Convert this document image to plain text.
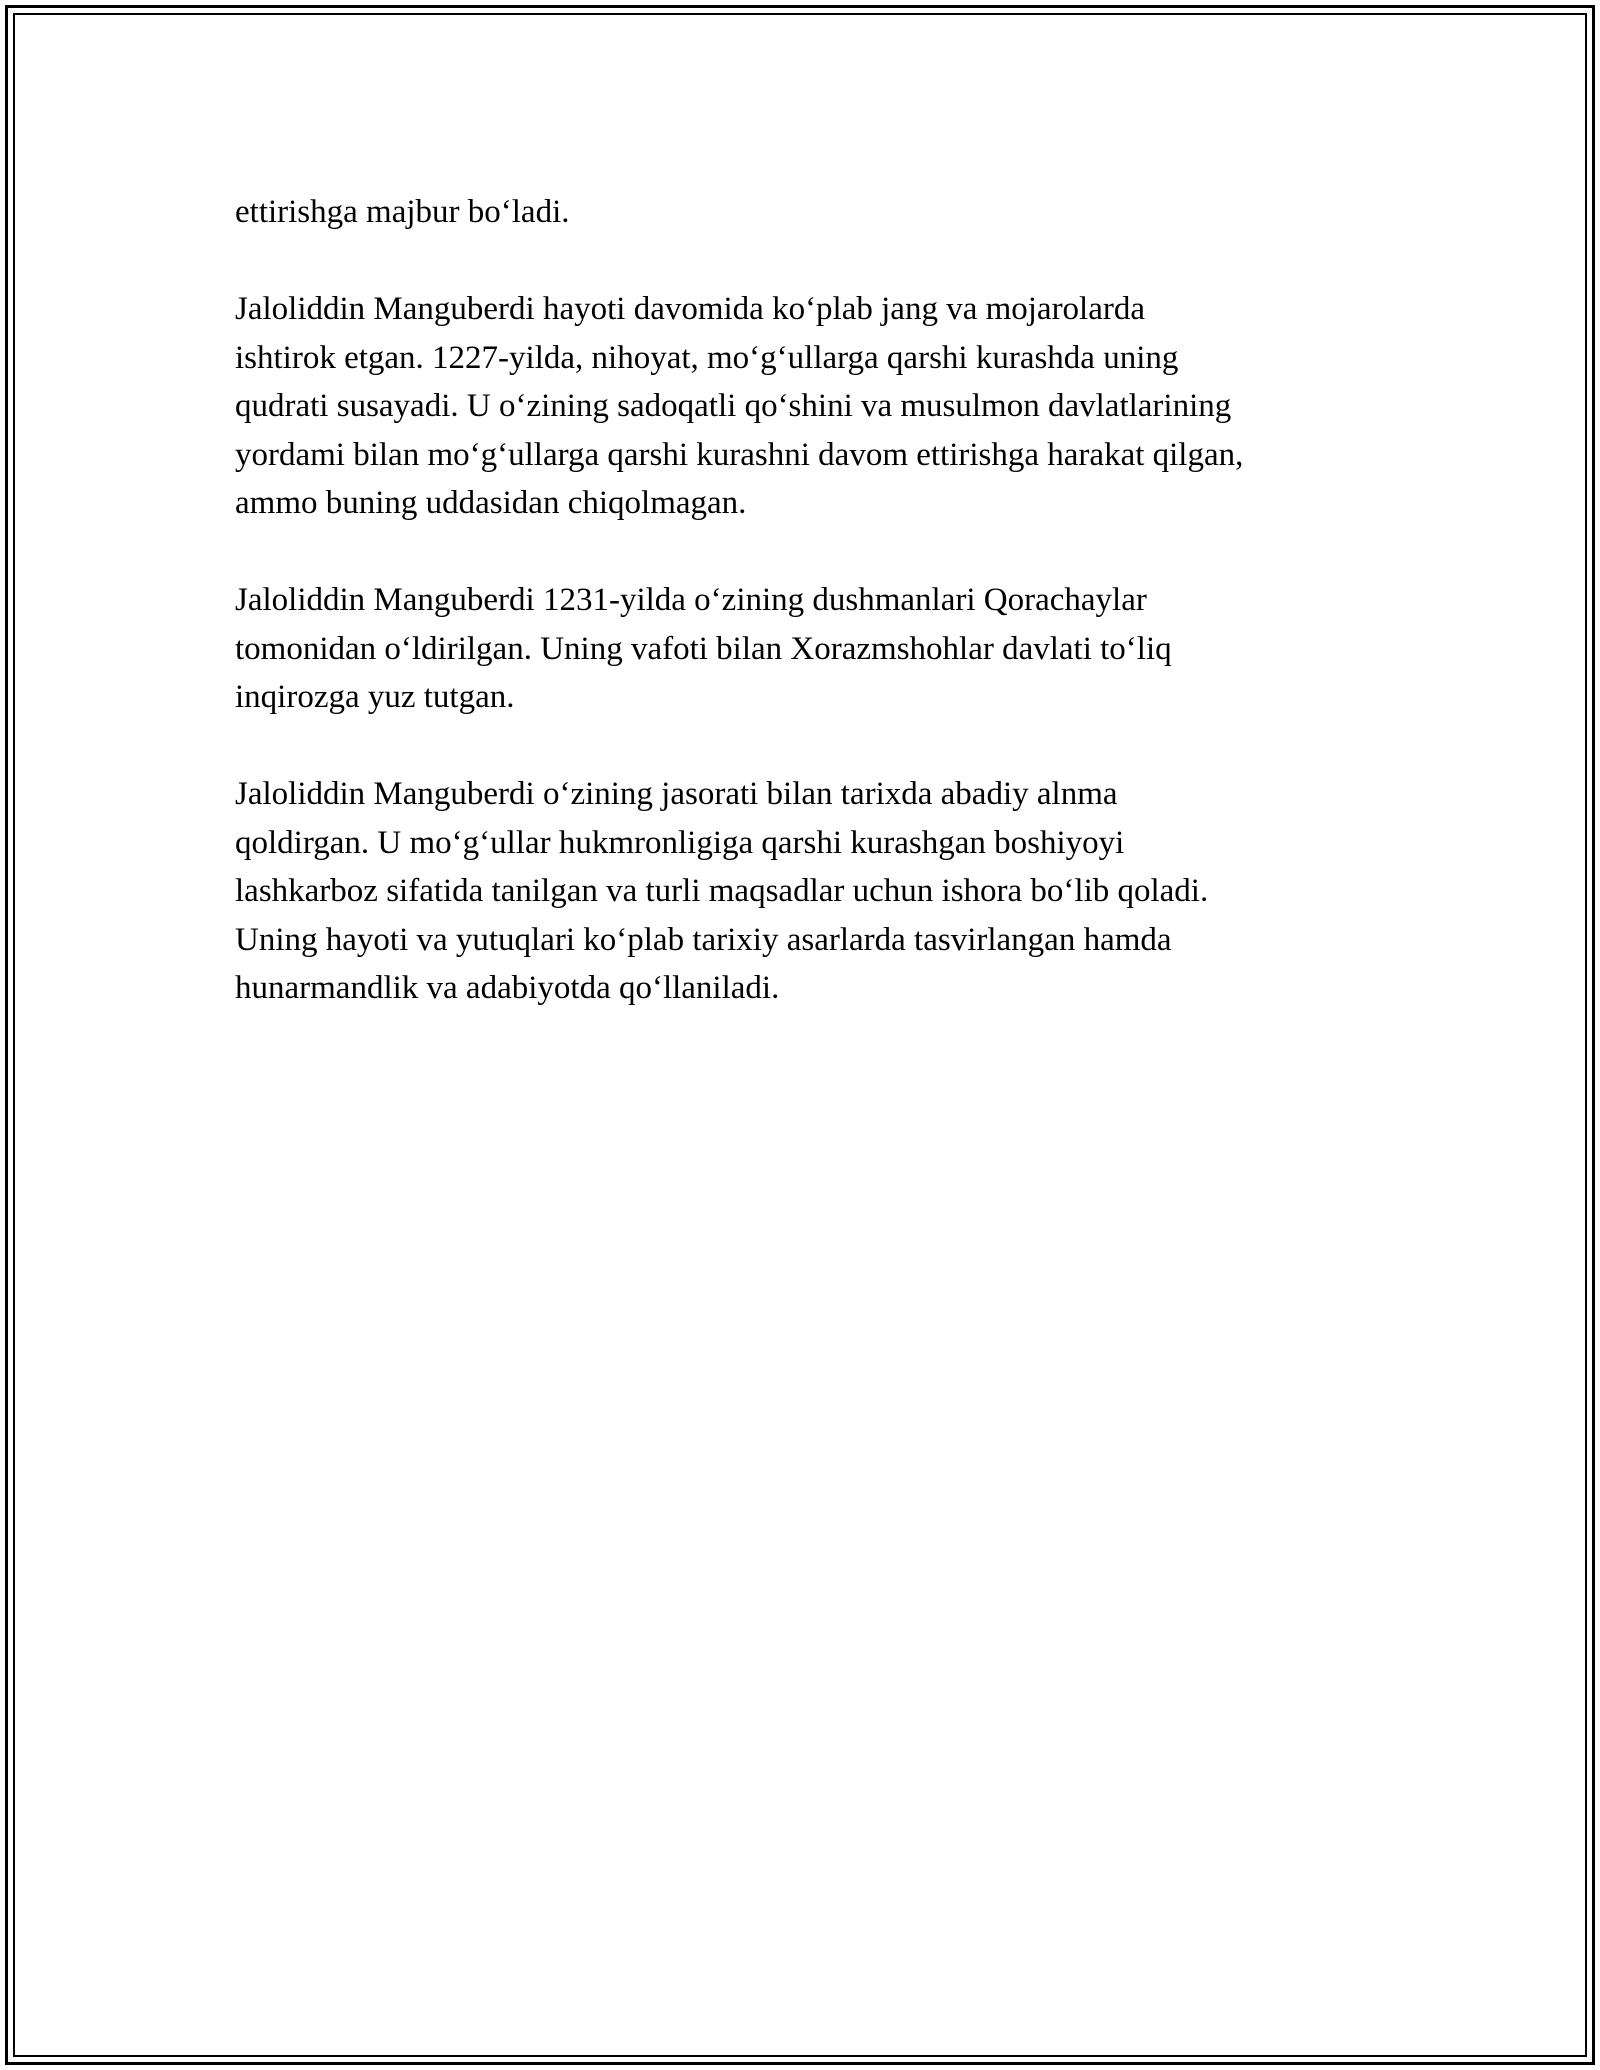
ettirishga majbur bo‘ladi.

Jaloliddin Manguberdi hayoti davomida ko‘plab jang va mojarolarda
ishtirok etgan. 1227-yilda, nihoyat, mo‘g‘ullarga qarshi kurashda uning
qudrati susayadi. U o‘zining sadoqatli qo‘shini va musulmon davlatlarining
yordami bilan mo‘g‘ullarga qarshi kurashni davom ettirishga harakat qilgan,
ammo buning uddasidan chiqolmagan.

Jaloliddin Manguberdi 1231-yilda o‘zining dushmanlari Qorachaylar
tomonidan o‘ldirilgan. Uning vafoti bilan Xorazmshohlar davlati to‘liq
inqirozga yuz tutgan.

Jaloliddin Manguberdi o‘zining jasorati bilan tarixda abadiy alnma
qoldirgan. U mo‘g‘ullar hukmronligiga qarshi kurashgan boshiyoyi
lashkarboz sifatida tanilgan va turli maqsadlar uchun ishora bo‘lib qoladi.
Uning hayoti va yutuqlari ko‘plab tarixiy asarlarda tasvirlangan hamda
hunarmandlik va adabiyotda qo‘llaniladi.
